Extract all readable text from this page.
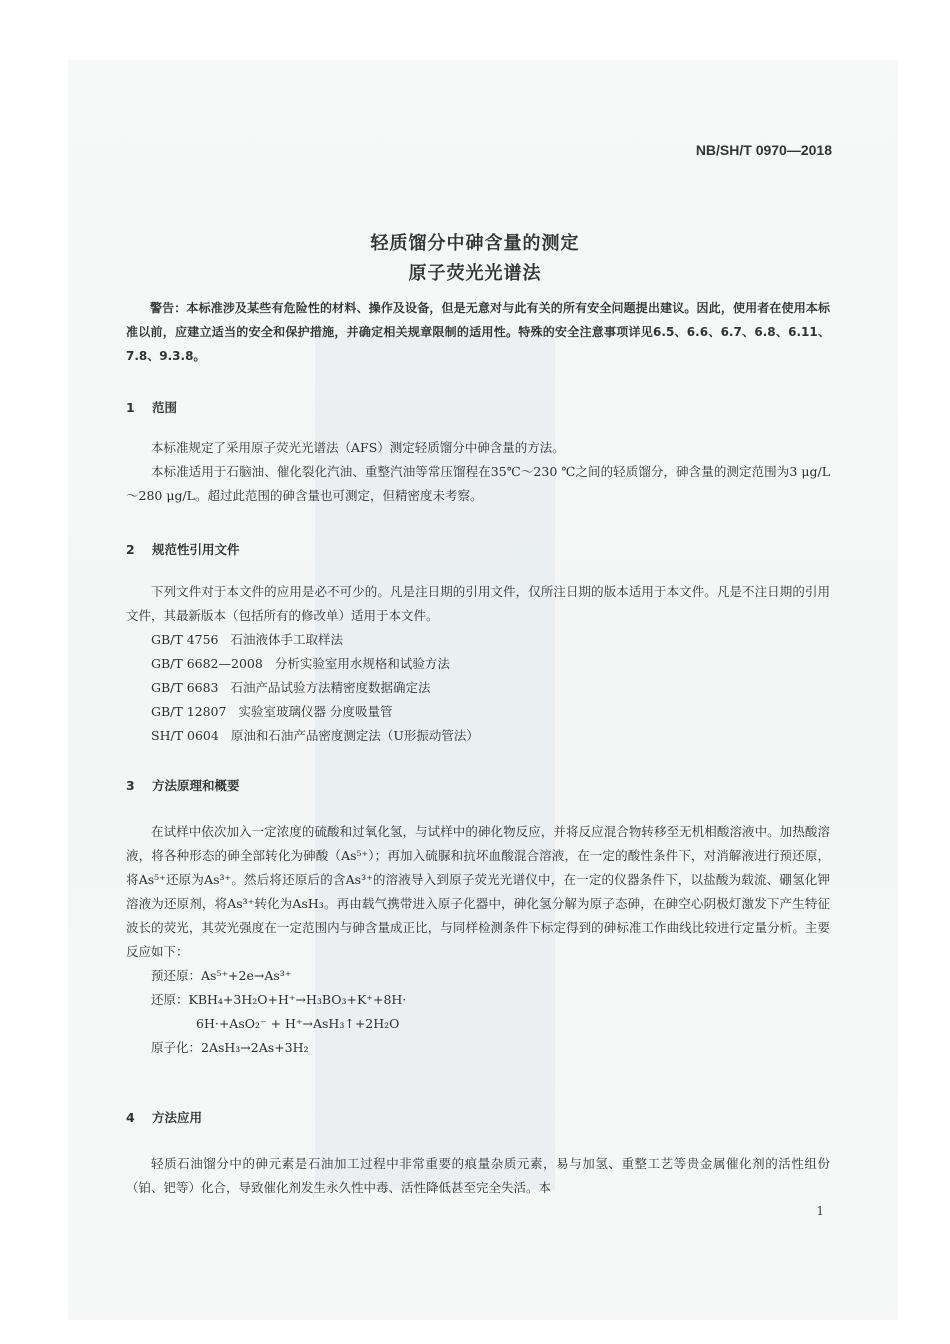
NB/SH/T 0970—2018
轻质馏分中砷含量的测定
原子荧光光谱法
警告：本标准涉及某些有危险性的材料、操作及设备，但是无意对与此有关的所有安全问题提出建议。因此，使用者在使用本标准以前，应建立适当的安全和保护措施，并确定相关规章限制的适用性。特殊的安全注意事项详见6.5、6.6、6.7、6.8、6.11、7.8、9.3.8。
1 范围

本标准规定了采用原子荧光光谱法（AFS）测定轻质馏分中砷含量的方法。

本标准适用于石脑油、催化裂化汽油、重整汽油等常压馏程在35℃～230 ℃之间的轻质馏分，砷含量的测定范围为3 μg/L～280 μg/L。超过此范围的砷含量也可测定，但精密度未考察。

2 规范性引用文件

下列文件对于本文件的应用是必不可少的。凡是注日期的引用文件，仅所注日期的版本适用于本文件。凡是不注日期的引用文件，其最新版本（包括所有的修改单）适用于本文件。

GB/T 4756 石油液体手工取样法

GB/T 6682—2008 分析实验室用水规格和试验方法

GB/T 6683 石油产品试验方法精密度数据确定法

GB/T 12807 实验室玻璃仪器 分度吸量管

SH/T 0604 原油和石油产品密度测定法（U形振动管法）

3 方法原理和概要

在试样中依次加入一定浓度的硫酸和过氧化氢，与试样中的砷化物反应，并将反应混合物转移至无机相酸溶液中。加热酸溶液，将各种形态的砷全部转化为砷酸（As⁵⁺）；再加入硫脲和抗坏血酸混合溶液，在一定的酸性条件下，对消解液进行预还原，将As⁵⁺还原为As³⁺。然后将还原后的含As³⁺的溶液导入到原子荧光光谱仪中，在一定的仪器条件下，以盐酸为载流、硼氢化钾溶液为还原剂，将As³⁺转化为AsH₃。再由载气携带进入原子化器中，砷化氢分解为原子态砷，在砷空心阴极灯激发下产生特征波长的荧光，其荧光强度在一定范围内与砷含量成正比，与同样检测条件下标定得到的砷标准工作曲线比较进行定量分析。主要反应如下：

预还原：As⁵⁺+2e→As³⁺

还原：KBH₄+3H₂O+H⁺→H₃BO₃+K⁺+8H·

6H·+AsO₂⁻ + H⁺→AsH₃↑+2H₂O

原子化：2AsH₃→2As+3H₂

4 方法应用

轻质石油馏分中的砷元素是石油加工过程中非常重要的痕量杂质元素，易与加氢、重整工艺等贵金属催化剂的活性组份（铂、钯等）化合，导致催化剂发生永久性中毒、活性降低甚至完全失活。本

1
